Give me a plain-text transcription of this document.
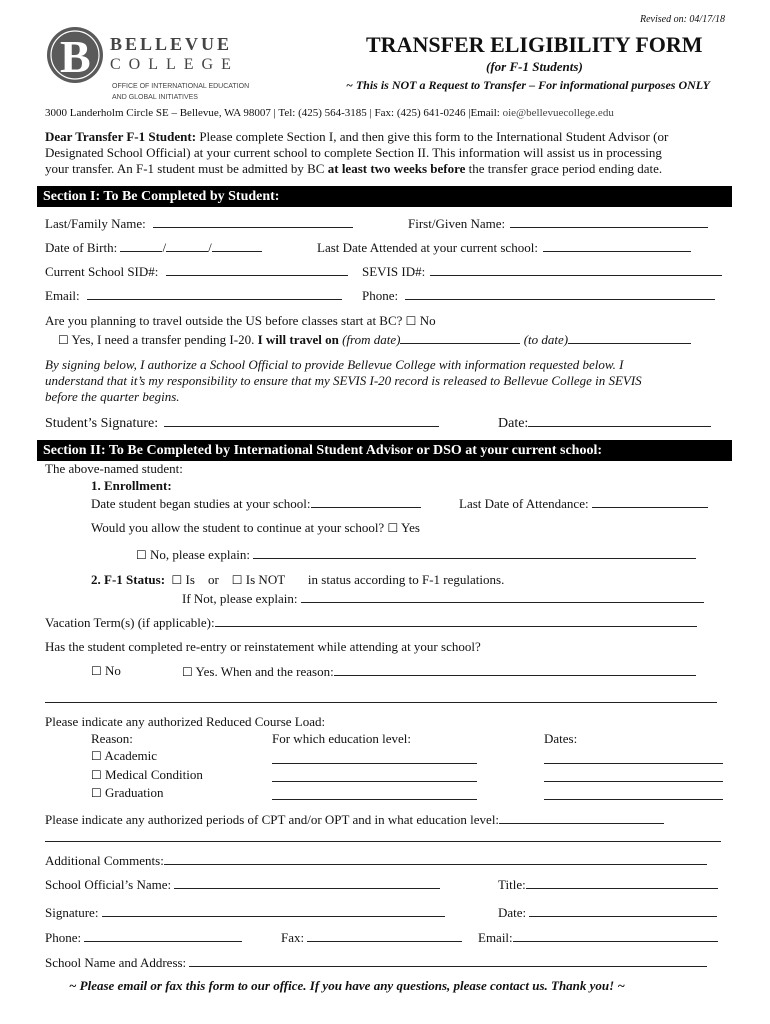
Revised on: 04/17/18
B BELLEVUE
COLLEGE
OFFICE OF INTERNATIONAL EDUCATION
AND GLOBAL INITIATIVES
TRANSFER ELIGIBILITY FORM
(for F-1 Students)
~ This is NOT a Request to Transfer – For informational purposes ONLY
3000 Landerholm Circle SE – Bellevue, WA 98007 | Tel: (425) 564-3185 | Fax: (425) 641-0246 |Email: oie@bellevuecollege.edu
Dear Transfer F-1 Student: Please complete Section I, and then give this form to the International Student Advisor (or
Designated School Official) at your current school to complete Section II. This information will assist us in processing
your transfer. An F-1 student must be admitted by BC at least two weeks before the transfer grace period ending date.
Section I: To Be Completed by Student:
Last/Family Name:	First/Given Name:
Date of Birth:	/	/	Last Date Attended at your current school:
Current School SID#:	SEVIS ID#:
Email:	Phone:
Are you planning to travel outside the US before classes start at BC? ☐ No
☐ Yes, I need a transfer pending I-20. I will travel on (from date)	(to date)
By signing below, I authorize a School Official to provide Bellevue College with information requested below. I
understand that it’s my responsibility to ensure that my SEVIS I-20 record is released to Bellevue College in SEVIS
before the quarter begins.
Student’s Signature:	Date:
Section II: To Be Completed by International Student Advisor or DSO at your current school:
The above-named student:
1. Enrollment:
Date student began studies at your school:	Last Date of Attendance:
Would you allow the student to continue at your school? ☐ Yes
☐ No, please explain:
2. F-1 Status: ☐ Is or ☐ Is NOT in status according to F-1 regulations.
If Not, please explain:
Vacation Term(s) (if applicable):
Has the student completed re-entry or reinstatement while attending at your school?
☐ No	☐ Yes. When and the reason:
Please indicate any authorized Reduced Course Load:
Reason:	For which education level:	Dates:
☐ Academic
☐ Medical Condition
☐ Graduation
Please indicate any authorized periods of CPT and/or OPT and in what education level:
Additional Comments:
School Official’s Name:	Title:
Signature:	Date:
Phone:	Fax:	Email:
School Name and Address:
~ Please email or fax this form to our office. If you have any questions, please contact us. Thank you! ~
